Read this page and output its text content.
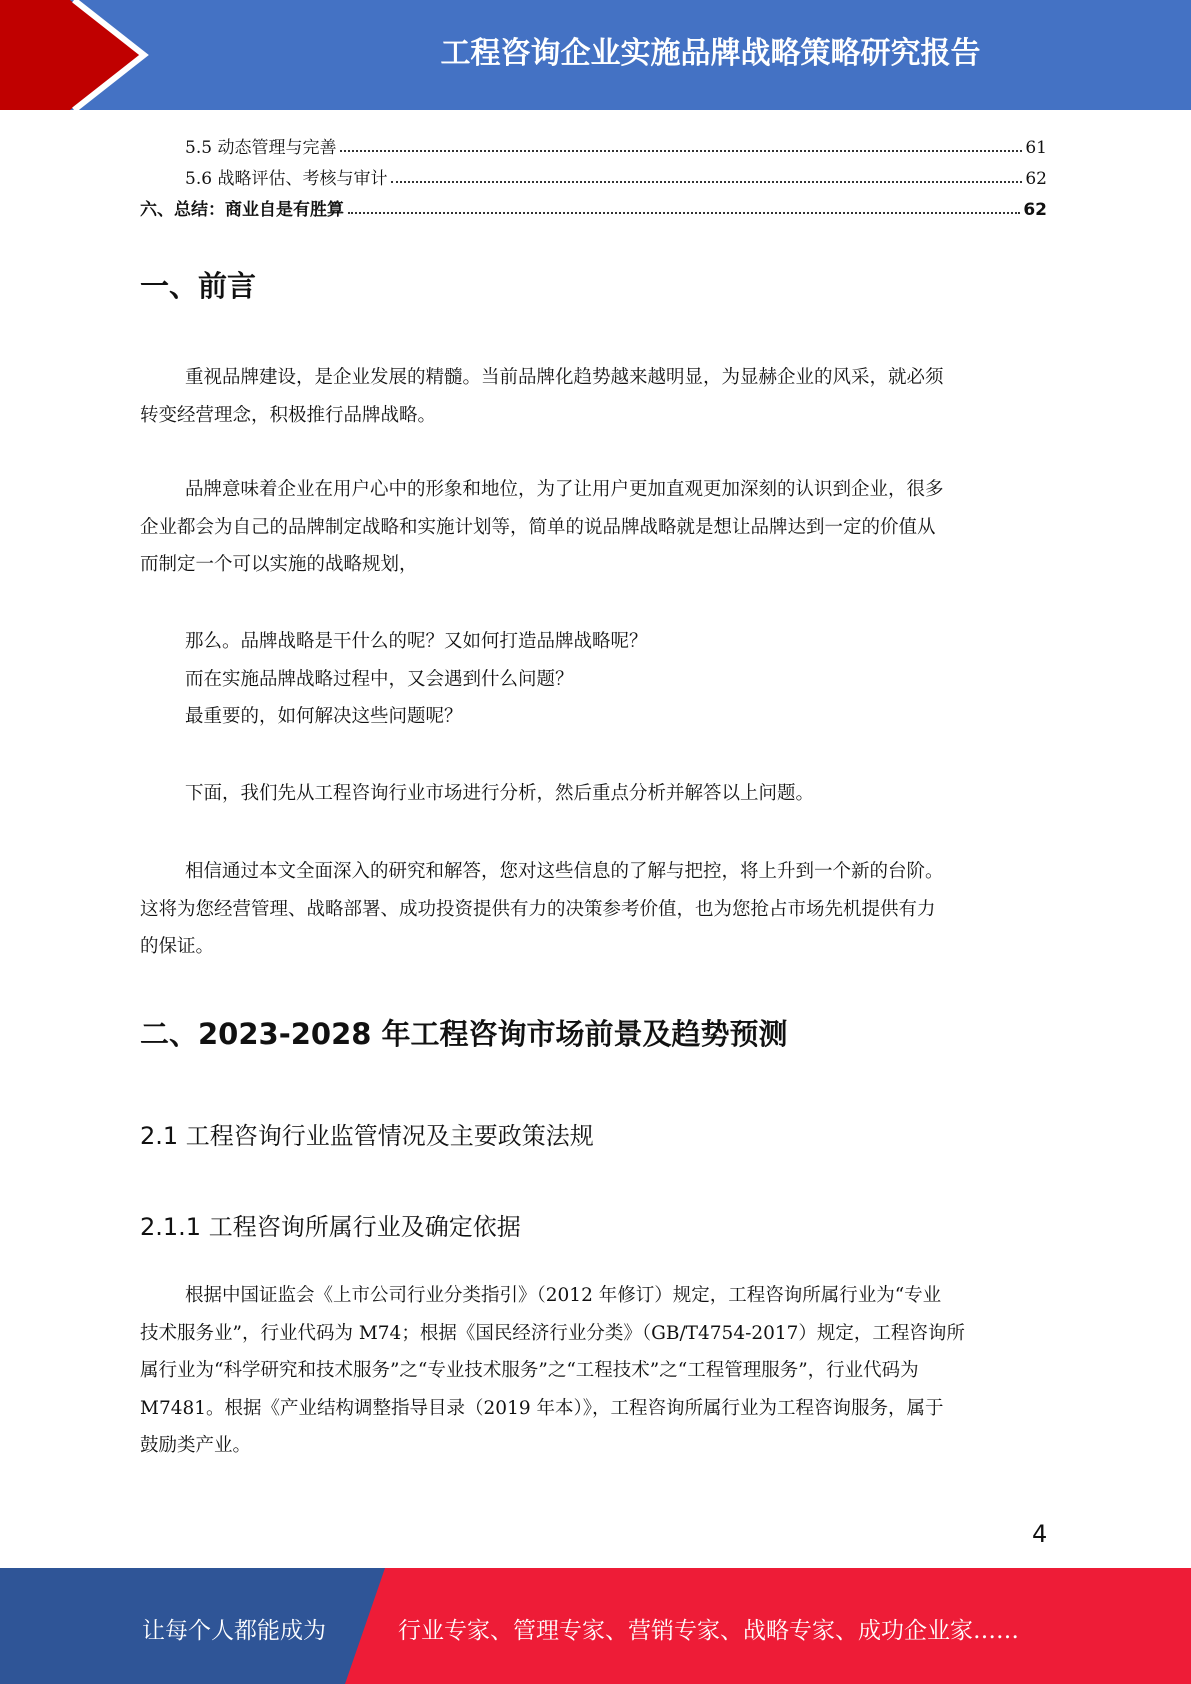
工程咨询企业实施品牌战略策略研究报告
5.5 动态管理与完善	61
5.6 战略评估、考核与审计	62
六、总结：商业自是有胜算	62
一、前言
重视品牌建设，是企业发展的精髓。当前品牌化趋势越来越明显，为显赫企业的风采，就必须
转变经营理念，积极推行品牌战略。
品牌意味着企业在用户心中的形象和地位，为了让用户更加直观更加深刻的认识到企业，很多
企业都会为自己的品牌制定战略和实施计划等，简单的说品牌战略就是想让品牌达到一定的价值从
而制定一个可以实施的战略规划，
那么。品牌战略是干什么的呢？又如何打造品牌战略呢？
而在实施品牌战略过程中，又会遇到什么问题？
最重要的，如何解决这些问题呢？
下面，我们先从工程咨询行业市场进行分析，然后重点分析并解答以上问题。
相信通过本文全面深入的研究和解答，您对这些信息的了解与把控，将上升到一个新的台阶。
这将为您经营管理、战略部署、成功投资提供有力的决策参考价值，也为您抢占市场先机提供有力
的保证。
二、2023-2028 年工程咨询市场前景及趋势预测
2.1 工程咨询行业监管情况及主要政策法规
2.1.1 工程咨询所属行业及确定依据
根据中国证监会《上市公司行业分类指引》（2012 年修订）规定，工程咨询所属行业为“专业
技术服务业”，行业代码为 M74；根据《国民经济行业分类》（GB/T4754-2017）规定，工程咨询所
属行业为“科学研究和技术服务”之“专业技术服务”之“工程技术”之“工程管理服务”，行业代码为
M7481。根据《产业结构调整指导目录（2019 年本）》，工程咨询所属行业为工程咨询服务，属于
鼓励类产业。
4
让每个人都能成为	行业专家、管理专家、营销专家、战略专家、成功企业家……
